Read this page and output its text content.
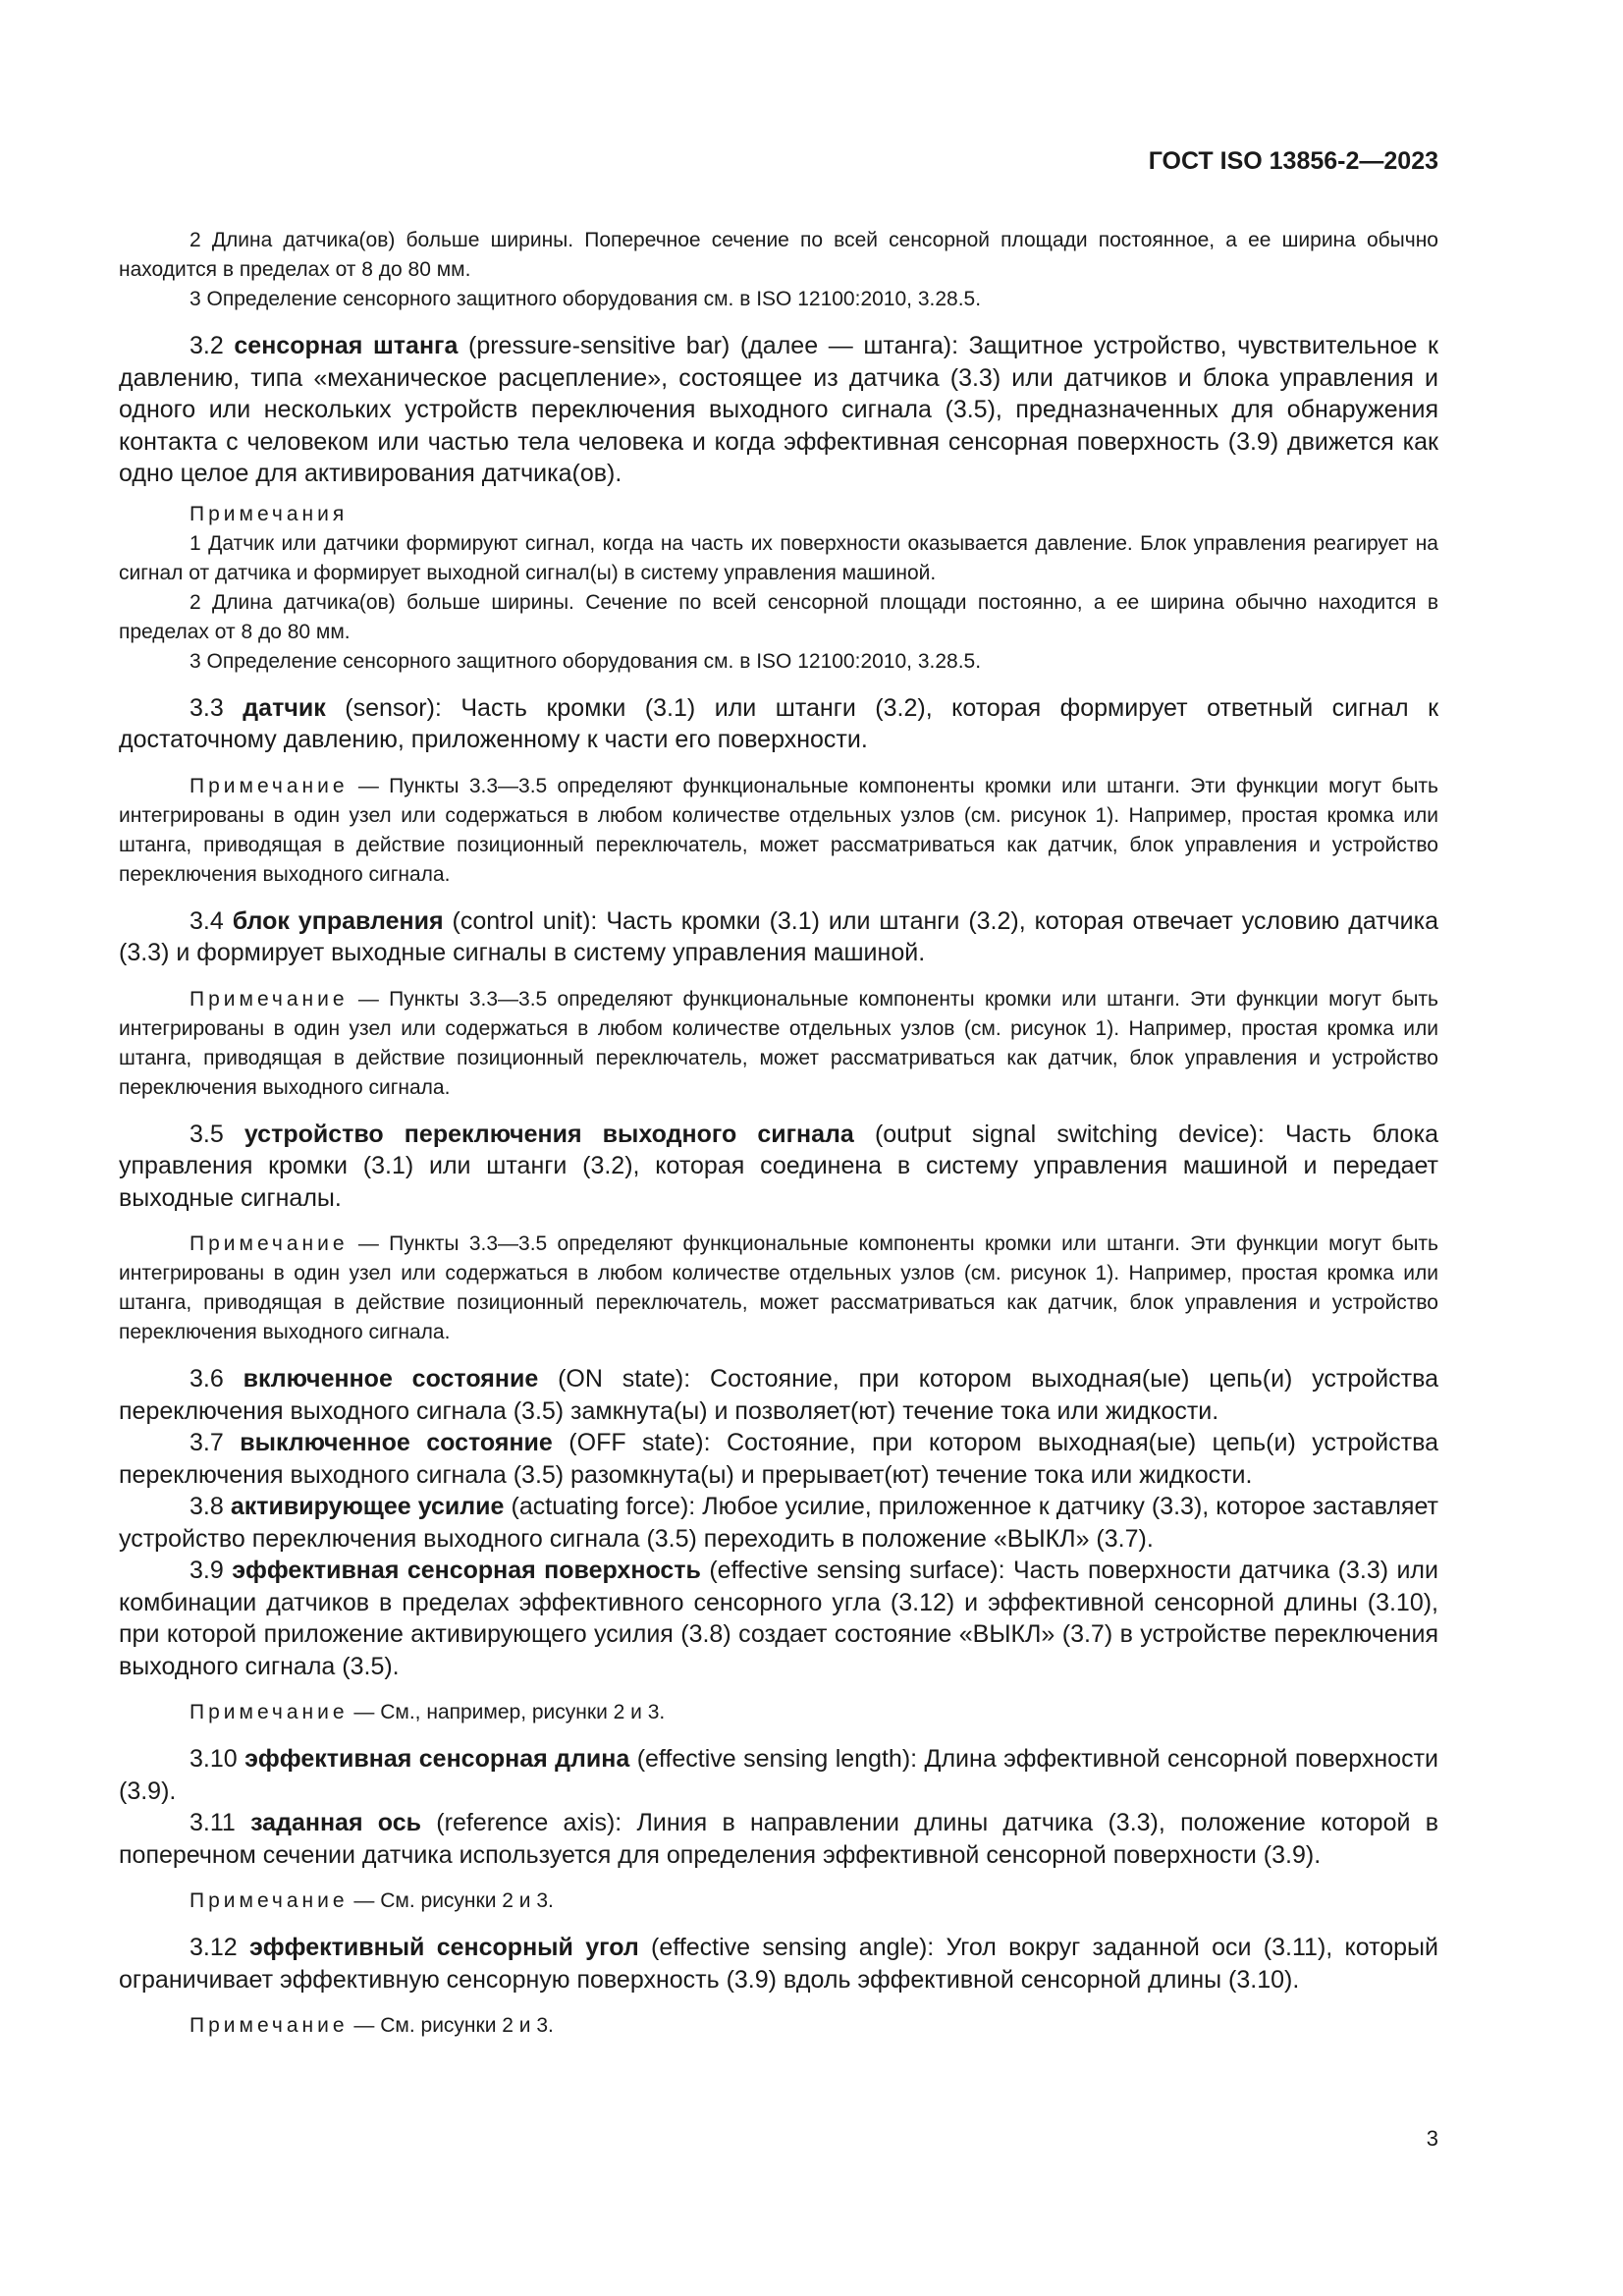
ГОСТ ISO 13856-2—2023

2 Длина датчика(ов) больше ширины. Поперечное сечение по всей сенсорной площади постоянное, а ее ширина обычно находится в пределах от 8 до 80 мм.

3 Определение сенсорного защитного оборудования см. в ISO 12100:2010, 3.28.5.

3.2 сенсорная штанга (pressure-sensitive bar) (далее — штанга): Защитное устройство, чувствительное к давлению, типа «механическое расцепление», состоящее из датчика (3.3) или датчиков и блока управления и одного или нескольких устройств переключения выходного сигнала (3.5), предназначенных для обнаружения контакта с человеком или частью тела человека и когда эффективная сенсорная поверхность (3.9) движется как одно целое для активирования датчика(ов).

Примечания

1 Датчик или датчики формируют сигнал, когда на часть их поверхности оказывается давление. Блок управления реагирует на сигнал от датчика и формирует выходной сигнал(ы) в систему управления машиной.

2 Длина датчика(ов) больше ширины. Сечение по всей сенсорной площади постоянно, а ее ширина обычно находится в пределах от 8 до 80 мм.

3 Определение сенсорного защитного оборудования см. в ISO 12100:2010, 3.28.5.

3.3 датчик (sensor): Часть кромки (3.1) или штанги (3.2), которая формирует ответный сигнал к достаточному давлению, приложенному к части его поверхности.

Примечание — Пункты 3.3—3.5 определяют функциональные компоненты кромки или штанги. Эти функции могут быть интегрированы в один узел или содержаться в любом количестве отдельных узлов (см. рисунок 1). Например, простая кромка или штанга, приводящая в действие позиционный переключатель, может рассматриваться как датчик, блок управления и устройство переключения выходного сигнала.

3.4 блок управления (control unit): Часть кромки (3.1) или штанги (3.2), которая отвечает условию датчика (3.3) и формирует выходные сигналы в систему управления машиной.

Примечание — Пункты 3.3—3.5 определяют функциональные компоненты кромки или штанги. Эти функции могут быть интегрированы в один узел или содержаться в любом количестве отдельных узлов (см. рисунок 1). Например, простая кромка или штанга, приводящая в действие позиционный переключатель, может рассматриваться как датчик, блок управления и устройство переключения выходного сигнала.

3.5 устройство переключения выходного сигнала (output signal switching device): Часть блока управления кромки (3.1) или штанги (3.2), которая соединена в систему управления машиной и передает выходные сигналы.

Примечание — Пункты 3.3—3.5 определяют функциональные компоненты кромки или штанги. Эти функции могут быть интегрированы в один узел или содержаться в любом количестве отдельных узлов (см. рисунок 1). Например, простая кромка или штанга, приводящая в действие позиционный переключатель, может рассматриваться как датчик, блок управления и устройство переключения выходного сигнала.

3.6 включенное состояние (ON state): Состояние, при котором выходная(ые) цепь(и) устройства переключения выходного сигнала (3.5) замкнута(ы) и позволяет(ют) течение тока или жидкости.

3.7 выключенное состояние (OFF state): Состояние, при котором выходная(ые) цепь(и) устройства переключения выходного сигнала (3.5) разомкнута(ы) и прерывает(ют) течение тока или жидкости.

3.8 активирующее усилие (actuating force): Любое усилие, приложенное к датчику (3.3), которое заставляет устройство переключения выходного сигнала (3.5) переходить в положение «ВЫКЛ» (3.7).

3.9 эффективная сенсорная поверхность (effective sensing surface): Часть поверхности датчика (3.3) или комбинации датчиков в пределах эффективного сенсорного угла (3.12) и эффективной сенсорной длины (3.10), при которой приложение активирующего усилия (3.8) создает состояние «ВЫКЛ» (3.7) в устройстве переключения выходного сигнала (3.5).

Примечание — См., например, рисунки 2 и 3.

3.10 эффективная сенсорная длина (effective sensing length): Длина эффективной сенсорной поверхности (3.9).

3.11 заданная ось (reference axis): Линия в направлении длины датчика (3.3), положение которой в поперечном сечении датчика используется для определения эффективной сенсорной поверхности (3.9).

Примечание — См. рисунки 2 и 3.

3.12 эффективный сенсорный угол (effective sensing angle): Угол вокруг заданной оси (3.11), который ограничивает эффективную сенсорную поверхность (3.9) вдоль эффективной сенсорной длины (3.10).

Примечание — См. рисунки 2 и 3.

3
